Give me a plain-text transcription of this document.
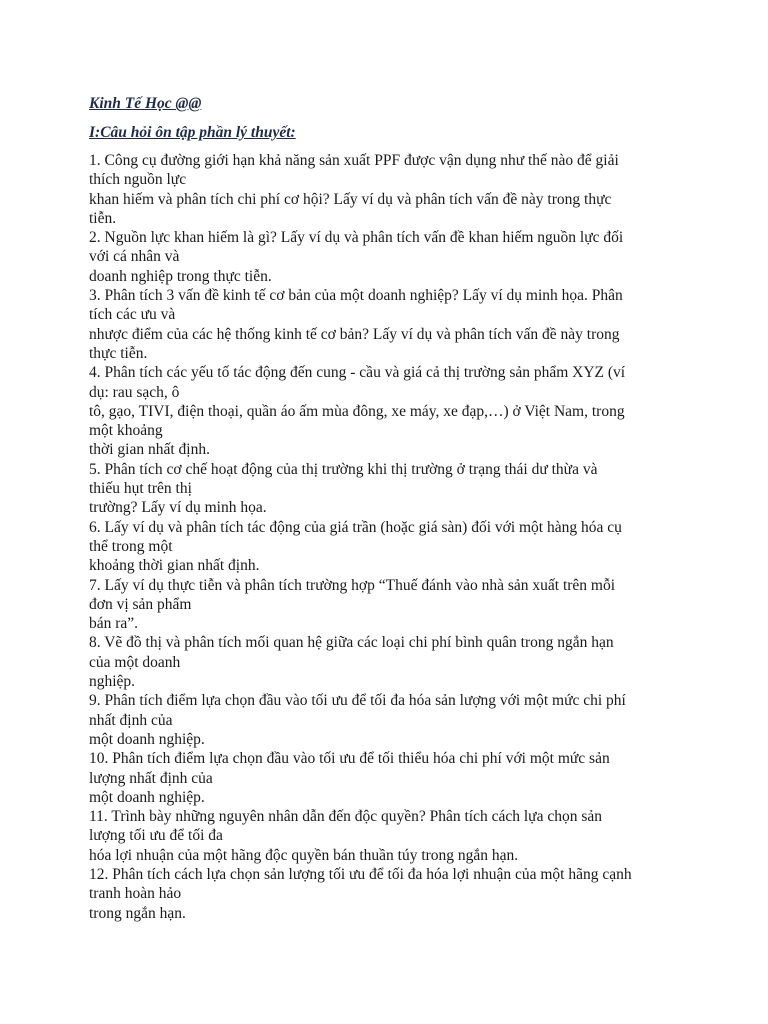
Kinh Tế Học @@
I:Câu hỏi ôn tập phần lý thuyết:
1. Công cụ đường giới hạn khả năng sản xuất PPF được vận dụng như thế nào để giải
thích nguồn lực
khan hiếm và phân tích chi phí cơ hội? Lấy ví dụ và phân tích vấn đề này trong thực
tiễn.
2. Nguồn lực khan hiếm là gì? Lấy ví dụ và phân tích vấn đề khan hiếm nguồn lực đối
với cá nhân và
doanh nghiệp trong thực tiễn.
3. Phân tích 3 vấn đề kinh tế cơ bản của một doanh nghiệp? Lấy ví dụ minh họa. Phân
tích các ưu và
nhược điểm của các hệ thống kinh tế cơ bản? Lấy ví dụ và phân tích vấn đề này trong
thực tiễn.
4. Phân tích các yếu tố tác động đến cung - cầu và giá cả thị trường sản phẩm XYZ (ví
dụ: rau sạch, ô
tô, gạo, TIVI, điện thoại, quần áo ấm mùa đông, xe máy, xe đạp,…) ở Việt Nam, trong
một khoảng
thời gian nhất định.
5. Phân tích cơ chế hoạt động của thị trường khi thị trường ở trạng thái dư thừa và
thiếu hụt trên thị
trường? Lấy ví dụ minh họa.
6. Lấy ví dụ và phân tích tác động của giá trần (hoặc giá sàn) đối với một hàng hóa cụ
thể trong một
khoảng thời gian nhất định.
7. Lấy ví dụ thực tiễn và phân tích trường hợp “Thuế đánh vào nhà sản xuất trên mỗi
đơn vị sản phẩm
bán ra”.
8. Vẽ đồ thị và phân tích mối quan hệ giữa các loại chi phí bình quân trong ngắn hạn
của một doanh
nghiệp.
9. Phân tích điểm lựa chọn đầu vào tối ưu để tối đa hóa sản lượng với một mức chi phí
nhất định của
một doanh nghiệp.
10. Phân tích điểm lựa chọn đầu vào tối ưu để tối thiểu hóa chi phí với một mức sản
lượng nhất định của
một doanh nghiệp.
11. Trình bày những nguyên nhân dẫn đến độc quyền? Phân tích cách lựa chọn sản
lượng tối ưu để tối đa
hóa lợi nhuận của một hãng độc quyền bán thuần túy trong ngắn hạn.
12. Phân tích cách lựa chọn sản lượng tối ưu để tối đa hóa lợi nhuận của một hãng cạnh
tranh hoàn hảo
trong ngắn hạn.
